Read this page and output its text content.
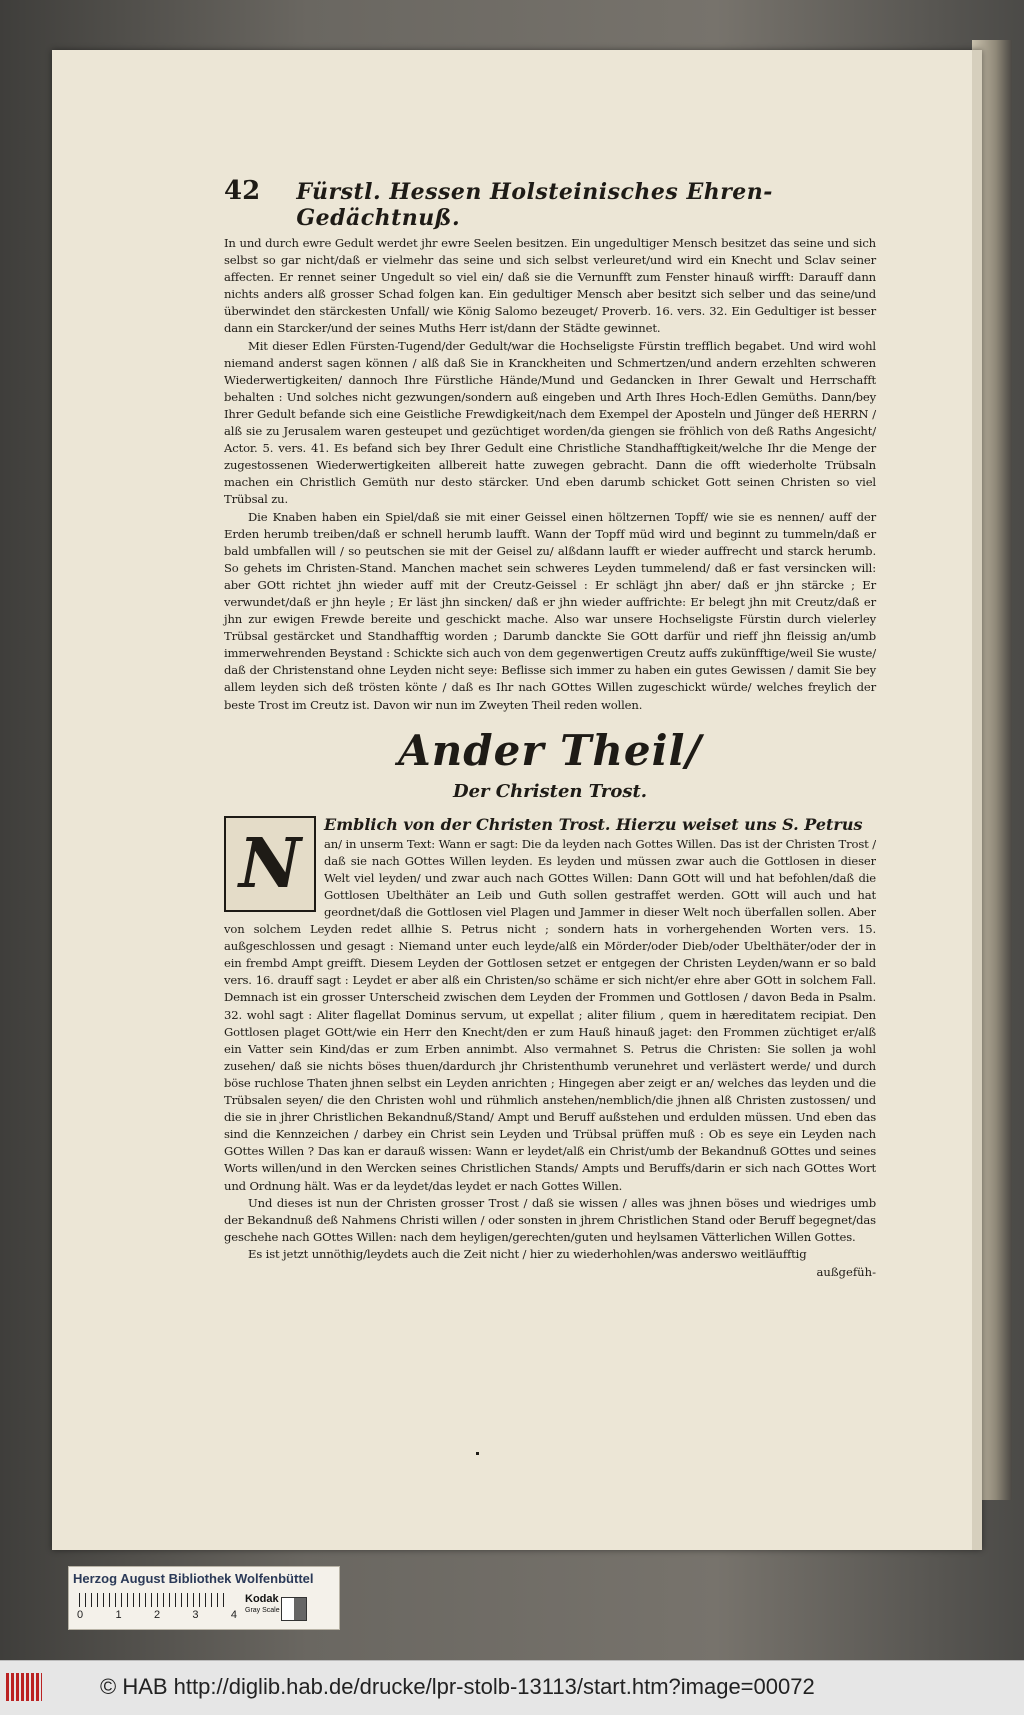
42	Fürstl. Hessen Holsteinisches Ehren-Gedächtnuß.

In und durch ewre Gedult werdet jhr ewre Seelen besitzen. Ein ungedultiger Mensch besitzet das seine und sich selbst so gar nicht/daß er vielmehr das seine und sich selbst verleuret/und wird ein Knecht und Sclav seiner affecten. Er rennet seiner Ungedult so viel ein/ daß sie die Vernunfft zum Fenster hinauß wirfft: Darauff dann nichts anders alß grosser Schad folgen kan. Ein gedultiger Mensch aber besitzt sich selber und das seine/und überwindet den stärckesten Unfall/ wie König Salomo bezeuget/ Proverb. 16. vers. 32. Ein Gedultiger ist besser dann ein Starcker/und der seines Muths Herr ist/dann der Städte gewinnet.

Mit dieser Edlen Fürsten-Tugend/der Gedult/war die Hochseligste Fürstin trefflich begabet. Und wird wohl niemand anderst sagen können / alß daß Sie in Kranckheiten und Schmertzen/und andern erzehlten schweren Wiederwertigkeiten/ dannoch Ihre Fürstliche Hände/Mund und Gedancken in Ihrer Gewalt und Herrschafft behalten : Und solches nicht gezwungen/sondern auß eingeben und Arth Ihres Hoch-Edlen Gemüths. Dann/bey Ihrer Gedult befande sich eine Geistliche Frewdigkeit/nach dem Exempel der Aposteln und Jünger deß HERRN / alß sie zu Jerusalem waren gesteupet und gezüchtiget worden/da giengen sie fröhlich von deß Raths Angesicht/ Actor. 5. vers. 41. Es befand sich bey Ihrer Gedult eine Christliche Standhafftigkeit/welche Ihr die Menge der zugestossenen Wiederwertigkeiten allbereit hatte zuwegen gebracht. Dann die offt wiederholte Trübsaln machen ein Christlich Gemüth nur desto stärcker. Und eben darumb schicket Gott seinen Christen so viel Trübsal zu.

Die Knaben haben ein Spiel/daß sie mit einer Geissel einen höltzernen Topff/ wie sie es nennen/ auff der Erden herumb treiben/daß er schnell herumb laufft. Wann der Topff müd wird und beginnt zu tummeln/daß er bald umbfallen will / so peutschen sie mit der Geisel zu/ alßdann laufft er wieder auffrecht und starck herumb. So gehets im Christen-Stand. Manchen machet sein schweres Leyden tummelend/ daß er fast versincken will: aber GOtt richtet jhn wieder auff mit der Creutz-Geissel : Er schlägt jhn aber/ daß er jhn stärcke ; Er verwundet/daß er jhn heyle ; Er läst jhn sincken/ daß er jhn wieder auffrichte: Er belegt jhn mit Creutz/daß er jhn zur ewigen Frewde bereite und geschickt mache. Also war unsere Hochseligste Fürstin durch vielerley Trübsal gestärcket und Standhafftig worden ; Darumb danckte Sie GOtt darfür und rieff jhn fleissig an/umb immerwehrenden Beystand : Schickte sich auch von dem gegenwertigen Creutz auffs zukünfftige/weil Sie wuste/ daß der Christenstand ohne Leyden nicht seye: Beflisse sich immer zu haben ein gutes Gewissen / damit Sie bey allem leyden sich deß trösten könte / daß es Ihr nach GOttes Willen zugeschickt würde/ welches freylich der beste Trost im Creutz ist. Davon wir nun im Zweyten Theil reden wollen.

Ander Theil/
Der Christen Trost.
N	Emblich von der Christen Trost. Hierzu weiset uns S. Petrus

an/ in unserm Text: Wann er sagt: Die da leyden nach Gottes Willen. Das ist der Christen Trost / daß sie nach GOttes Willen leyden. Es leyden und müssen zwar auch die Gottlosen in dieser Welt viel leyden/ und zwar auch nach GOttes Willen: Dann GOtt will und hat befohlen/daß die Gottlosen Ubelthäter an Leib und Guth sollen gestraffet werden. GOtt will auch und hat geordnet/daß die Gottlosen viel Plagen und Jammer in dieser Welt noch überfallen sollen. Aber von solchem Leyden redet allhie S. Petrus nicht ; sondern hats in vorhergehenden Worten vers. 15. außgeschlossen und gesagt : Niemand unter euch leyde/alß ein Mörder/oder Dieb/oder Ubelthäter/oder der in ein frembd Ampt greifft. Diesem Leyden der Gottlosen setzet er entgegen der Christen Leyden/wann er so bald vers. 16. drauff sagt : Leydet er aber alß ein Christen/so schäme er sich nicht/er ehre aber GOtt in solchem Fall. Demnach ist ein grosser Unterscheid zwischen dem Leyden der Frommen und Gottlosen / davon Beda in Psalm. 32. wohl sagt : Aliter flagellat Dominus servum, ut expellat ; aliter filium , quem in hæreditatem recipiat. Den Gottlosen plaget GOtt/wie ein Herr den Knecht/den er zum Hauß hinauß jaget: den Frommen züchtiget er/alß ein Vatter sein Kind/das er zum Erben annimbt. Also vermahnet S. Petrus die Christen: Sie sollen ja wohl zusehen/ daß sie nichts böses thuen/dardurch jhr Christenthumb verunehret und verlästert werde/ und durch böse ruchlose Thaten jhnen selbst ein Leyden anrichten ; Hingegen aber zeigt er an/ welches das leyden und die Trübsalen seyen/ die den Christen wohl und rühmlich anstehen/nemblich/die jhnen alß Christen zustossen/ und die sie in jhrer Christlichen Bekandnuß/Stand/ Ampt und Beruff außstehen und erdulden müssen. Und eben das sind die Kennzeichen / darbey ein Christ sein Leyden und Trübsal prüffen muß : Ob es seye ein Leyden nach GOttes Willen ? Das kan er darauß wissen: Wann er leydet/alß ein Christ/umb der Bekandnuß GOttes und seines Worts willen/und in den Wercken seines Christlichen Stands/ Ampts und Beruffs/darin er sich nach GOttes Wort und Ordnung hält. Was er da leydet/das leydet er nach Gottes Willen.

Und dieses ist nun der Christen grosser Trost / daß sie wissen / alles was jhnen böses und wiedriges umb der Bekandnuß deß Nahmens Christi willen / oder sonsten in jhrem Christlichen Stand oder Beruff begegnet/das geschehe nach GOttes Willen: nach dem heyligen/gerechten/guten und heylsamen Vätterlichen Willen Gottes.

Es ist jetzt unnöthig/leydets auch die Zeit nicht / hier zu wiederhohlen/was anderswo weitläufftig

außgefüh-
Herzog August Bibliothek Wolfenbüttel
0	1	2	3	4
Kodak
Gray Scale
© HAB http://diglib.hab.de/drucke/lpr-stolb-13113/start.htm?image=00072
